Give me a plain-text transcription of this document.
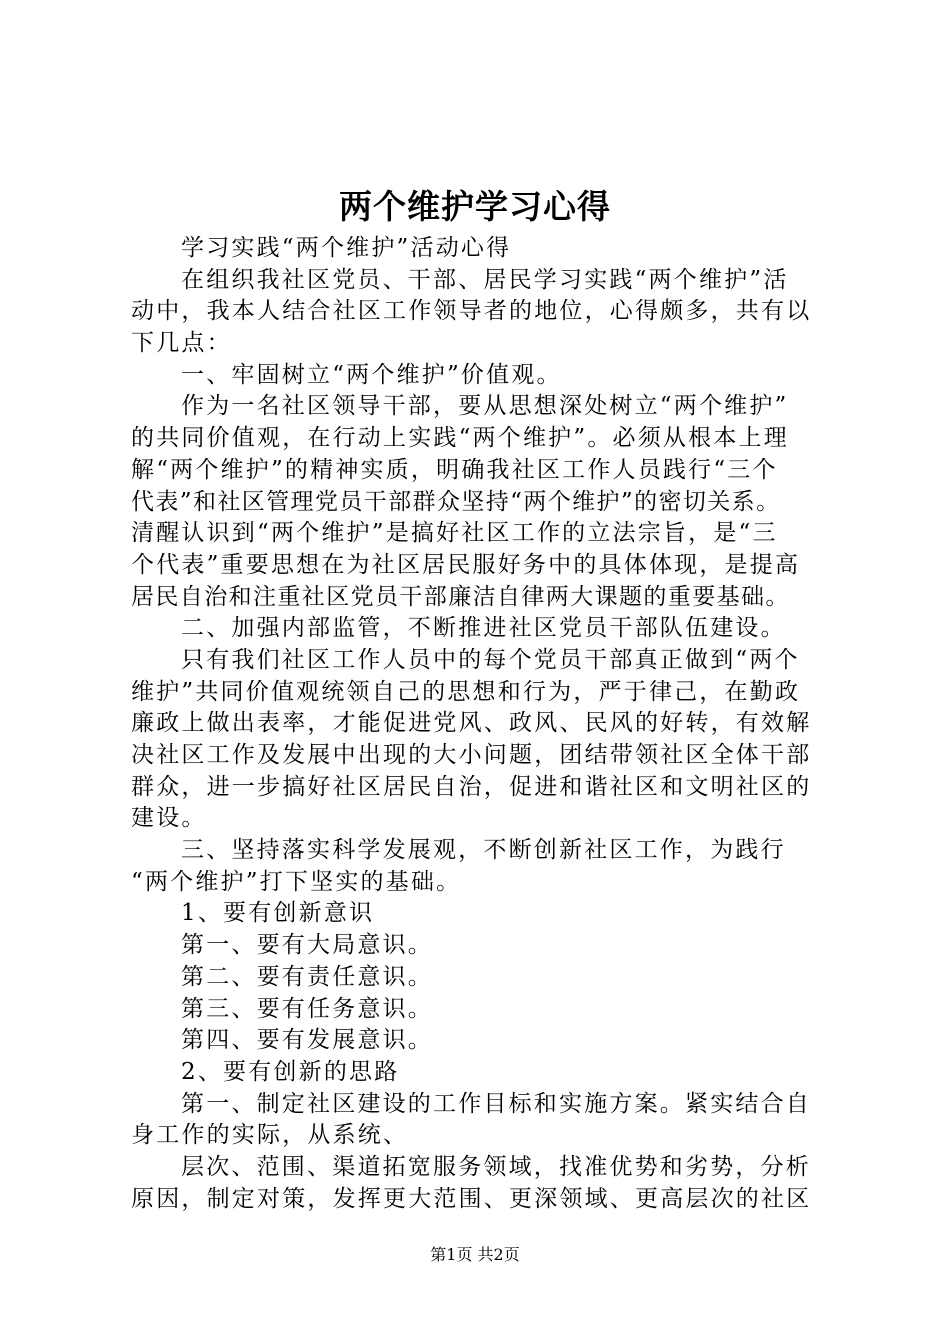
两个维护学习心得
学习实践“两个维护”活动心得
在组织我社区党员、干部、居民学习实践“两个维护”活
动中，我本人结合社区工作领导者的地位，心得颇多，共有以
下几点：
一、牢固树立“两个维护”价值观。
作为一名社区领导干部，要从思想深处树立“两个维护”
的共同价值观，在行动上实践“两个维护”。必须从根本上理
解“两个维护”的精神实质，明确我社区工作人员践行“三个
代表”和社区管理党员干部群众坚持“两个维护”的密切关系。
清醒认识到“两个维护”是搞好社区工作的立法宗旨，是“三
个代表”重要思想在为社区居民服好务中的具体体现，是提高
居民自治和注重社区党员干部廉洁自律两大课题的重要基础。
二、加强内部监管，不断推进社区党员干部队伍建设。
只有我们社区工作人员中的每个党员干部真正做到“两个
维护”共同价值观统领自己的思想和行为，严于律己，在勤政
廉政上做出表率，才能促进党风、政风、民风的好转，有效解
决社区工作及发展中出现的大小问题，团结带领社区全体干部
群众，进一步搞好社区居民自治，促进和谐社区和文明社区的
建设。
三、坚持落实科学发展观，不断创新社区工作，为践行
“两个维护”打下坚实的基础。
1、要有创新意识
第一、要有大局意识。
第二、要有责任意识。
第三、要有任务意识。
第四、要有发展意识。
2、要有创新的思路
第一、制定社区建设的工作目标和实施方案。紧实结合自
身工作的实际，从系统、
层次、范围、渠道拓宽服务领域，找准优势和劣势，分析
原因，制定对策，发挥更大范围、更深领域、更高层次的社区
第1页 共2页
